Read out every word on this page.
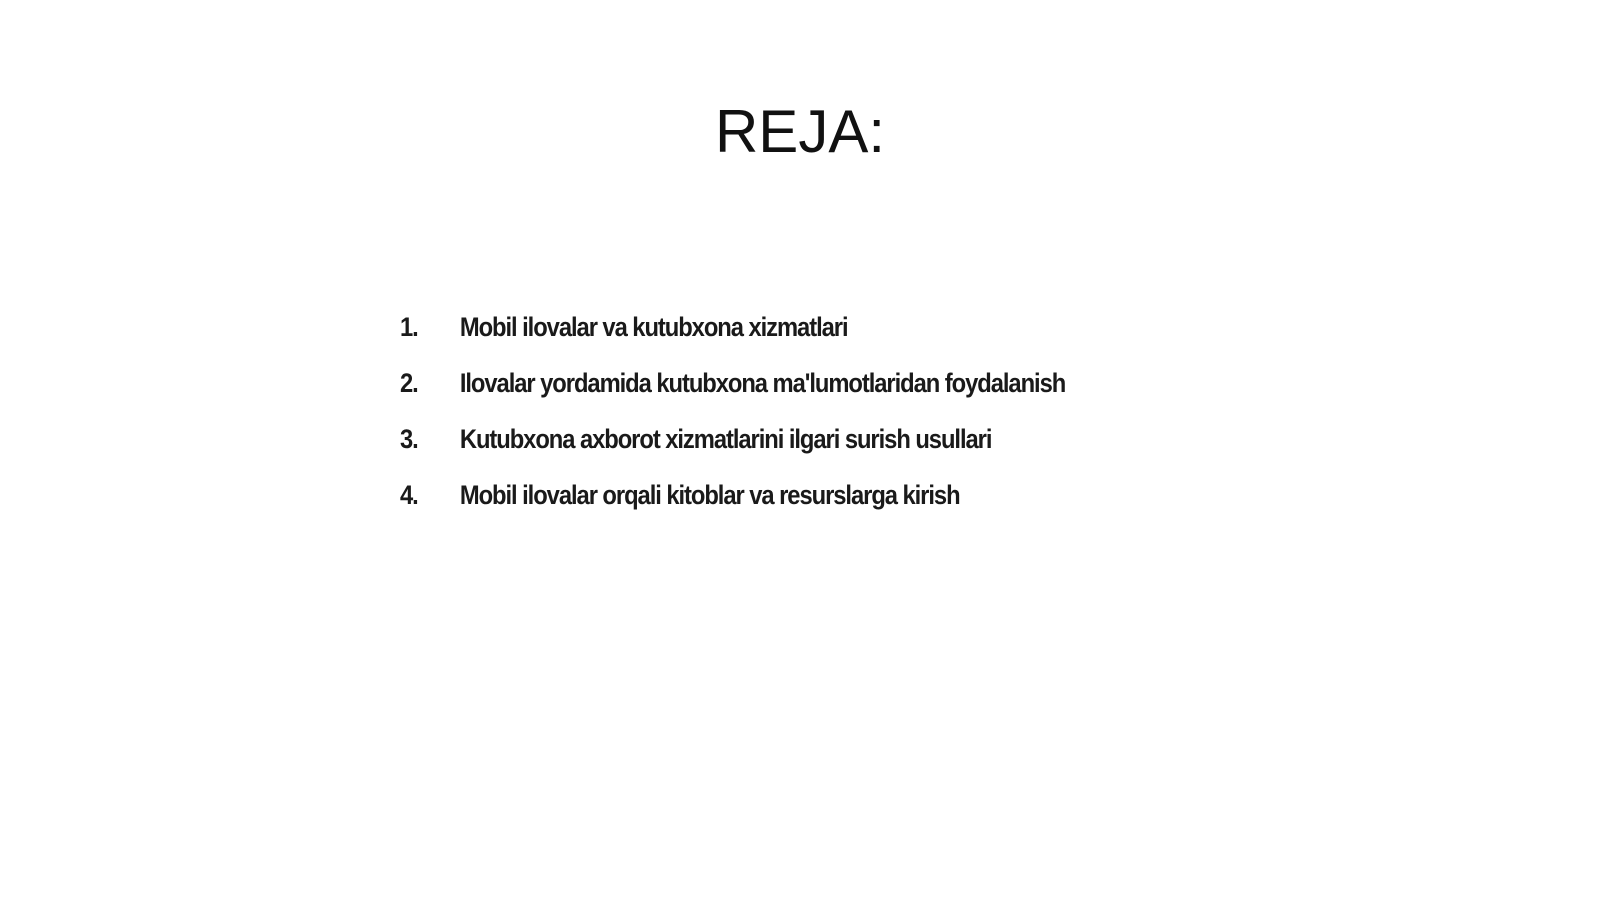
REJA:
1.	Mobil ilovalar va kutubxona xizmatlari
2.	Ilovalar yordamida kutubxona ma'lumotlaridan foydalanish
3.	Kutubxona axborot xizmatlarini ilgari surish usullari
4.	Mobil ilovalar orqali kitoblar va resurslarga kirish
